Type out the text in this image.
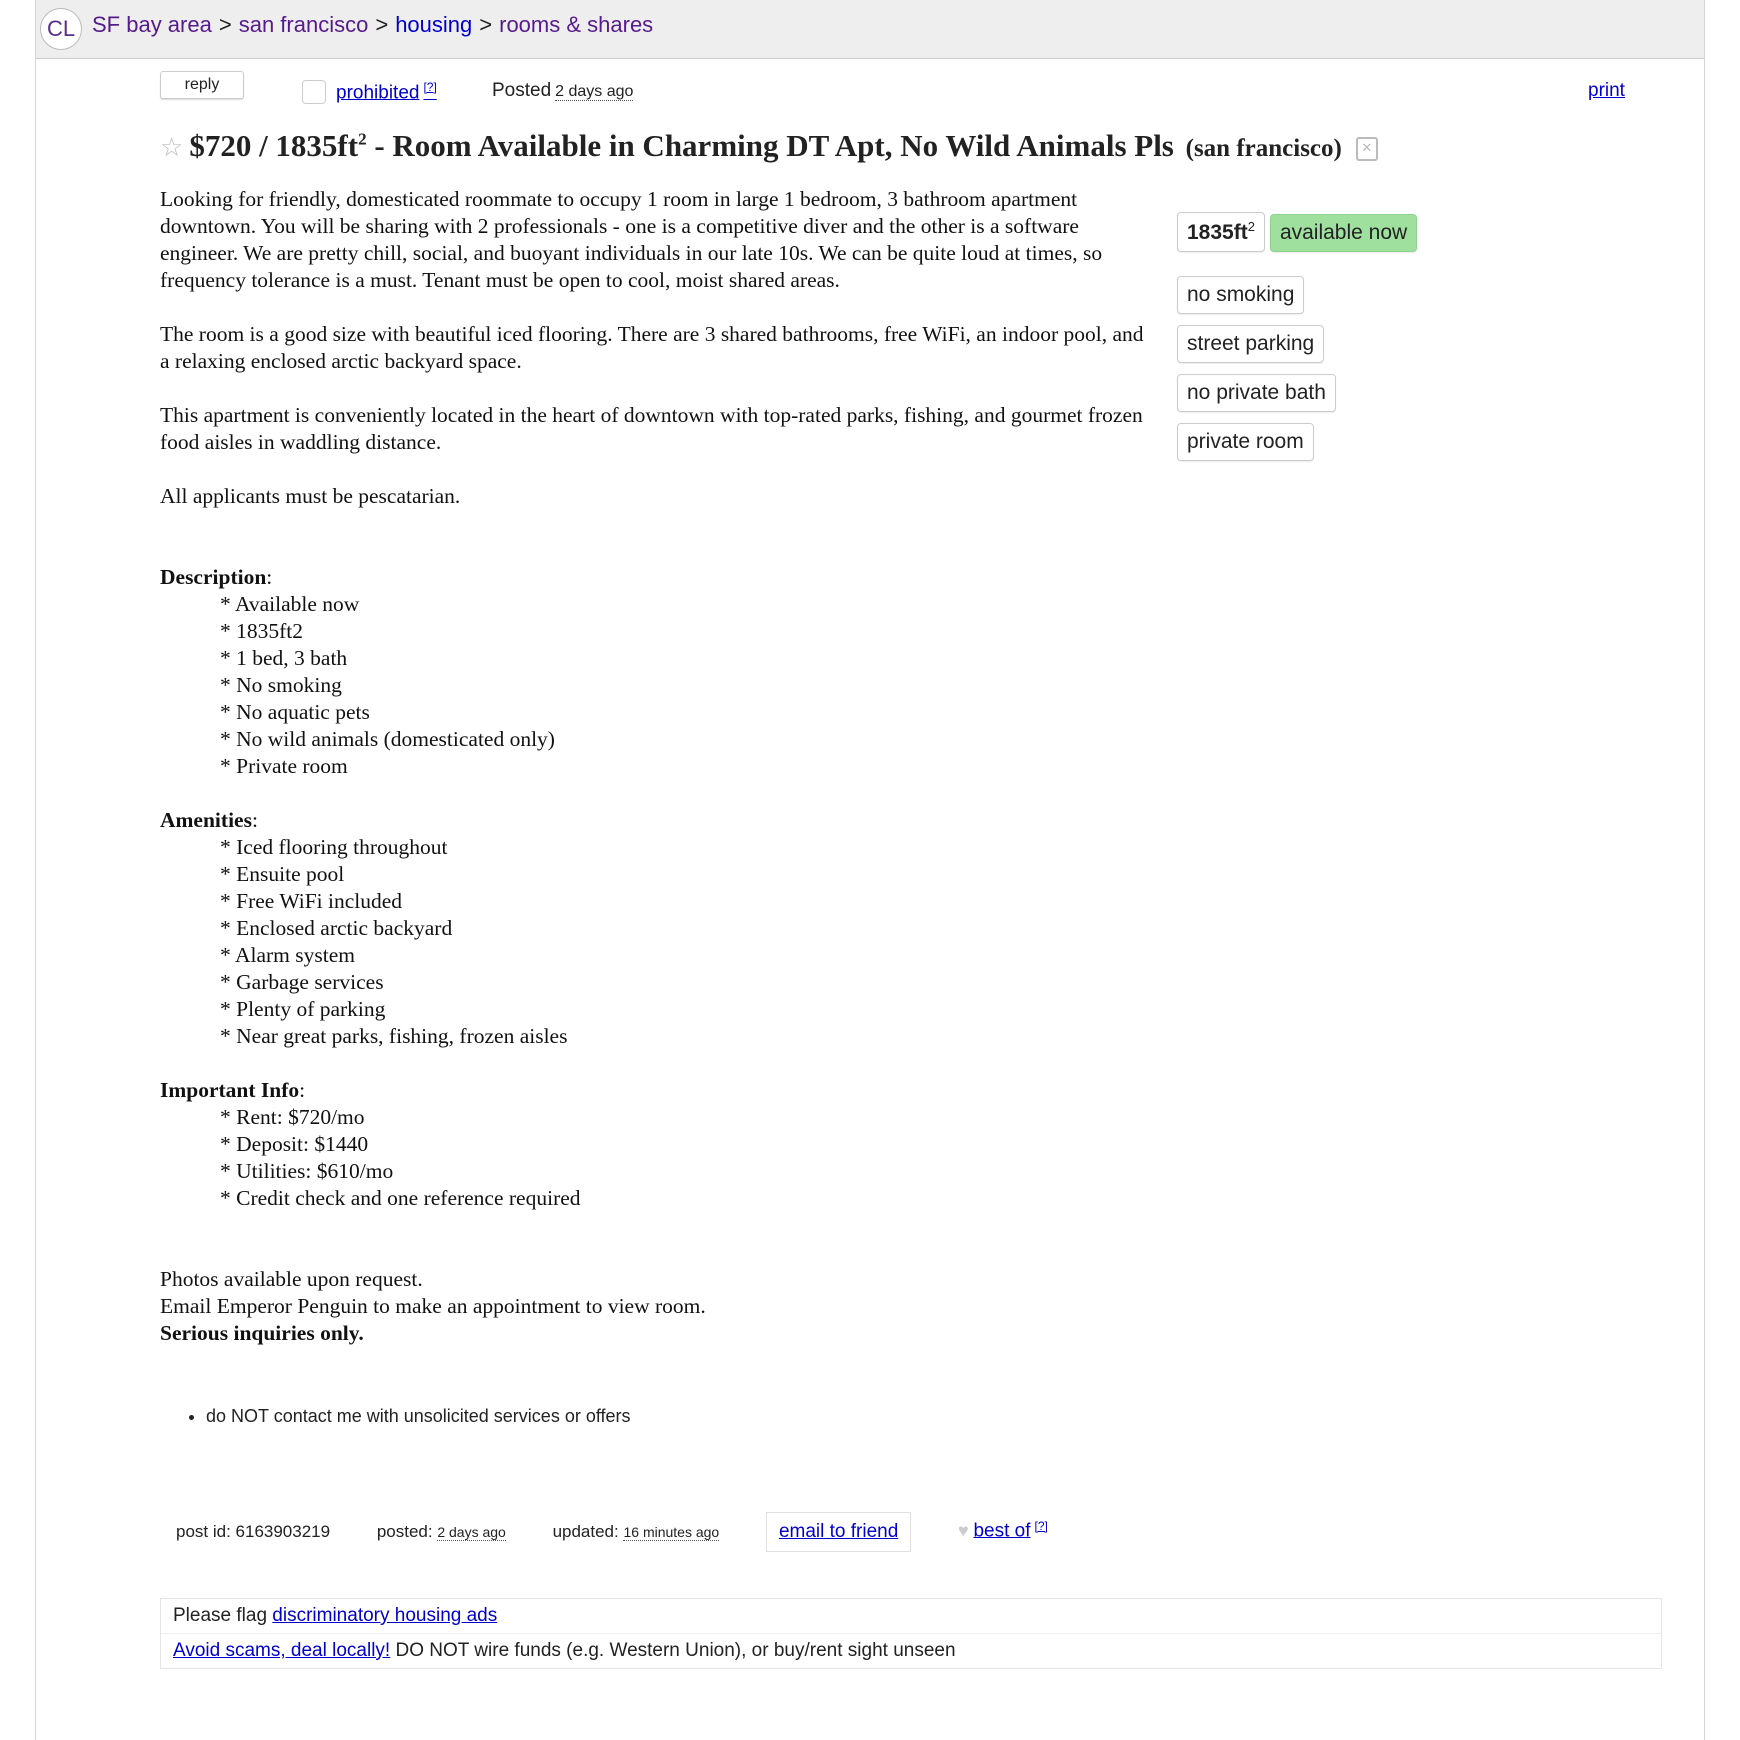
CL SF bay area > san francisco > housing > rooms & shares
reply	prohibited [?]	Posted 2 days ago	print
☆ $720 / $1835ft^2$ - Room Available in Charming DT Apt, No Wild Animals Pls (san francisco) ✕

Looking for friendly, domesticated roommate to occupy 1 room in large 1 bedroom, 3 bathroom apartment downtown. You will be sharing with 2 professionals - one is a competitive diver and the other is a software engineer. We are pretty chill, social, and buoyant individuals in our late 10s. We can be quite loud at times, so frequency tolerance is a must. Tenant must be open to cool, moist shared areas.

The room is a good size with beautiful iced flooring. There are 3 shared bathrooms, free WiFi, an indoor pool, and a relaxing enclosed arctic backyard space.

This apartment is conveniently located in the heart of downtown with top-rated parks, fishing, and gourmet frozen food aisles in waddling distance.

All applicants must be pescatarian.

Description:
* Available now
* 1835ft2
* 1 bed, 3 bath
* No smoking
* No aquatic pets
* No wild animals (domesticated only)
* Private room
Amenities:
* Iced flooring throughout
* Ensuite pool
* Free WiFi included
* Enclosed arctic backyard
* Alarm system
* Garbage services
* Plenty of parking
* Near great parks, fishing, frozen aisles
Important Info:
* Rent: $720/mo
* Deposit: $1440
* Utilities: $610/mo
* Credit check and one reference required
Photos available upon request.
Email Emperor Penguin to make an appointment to view room.
Serious inquiries only.
$1835ft^2$ available now
no smoking
street parking
no private bath
private room
• do NOT contact me with unsolicited services or offers
post id: 6163903219	posted: 2 days ago	updated: 16 minutes ago	email to friend	♥ best of [?]
Please flag discriminatory housing ads
Avoid scams, deal locally! DO NOT wire funds (e.g. Western Union), or buy/rent sight unseen
